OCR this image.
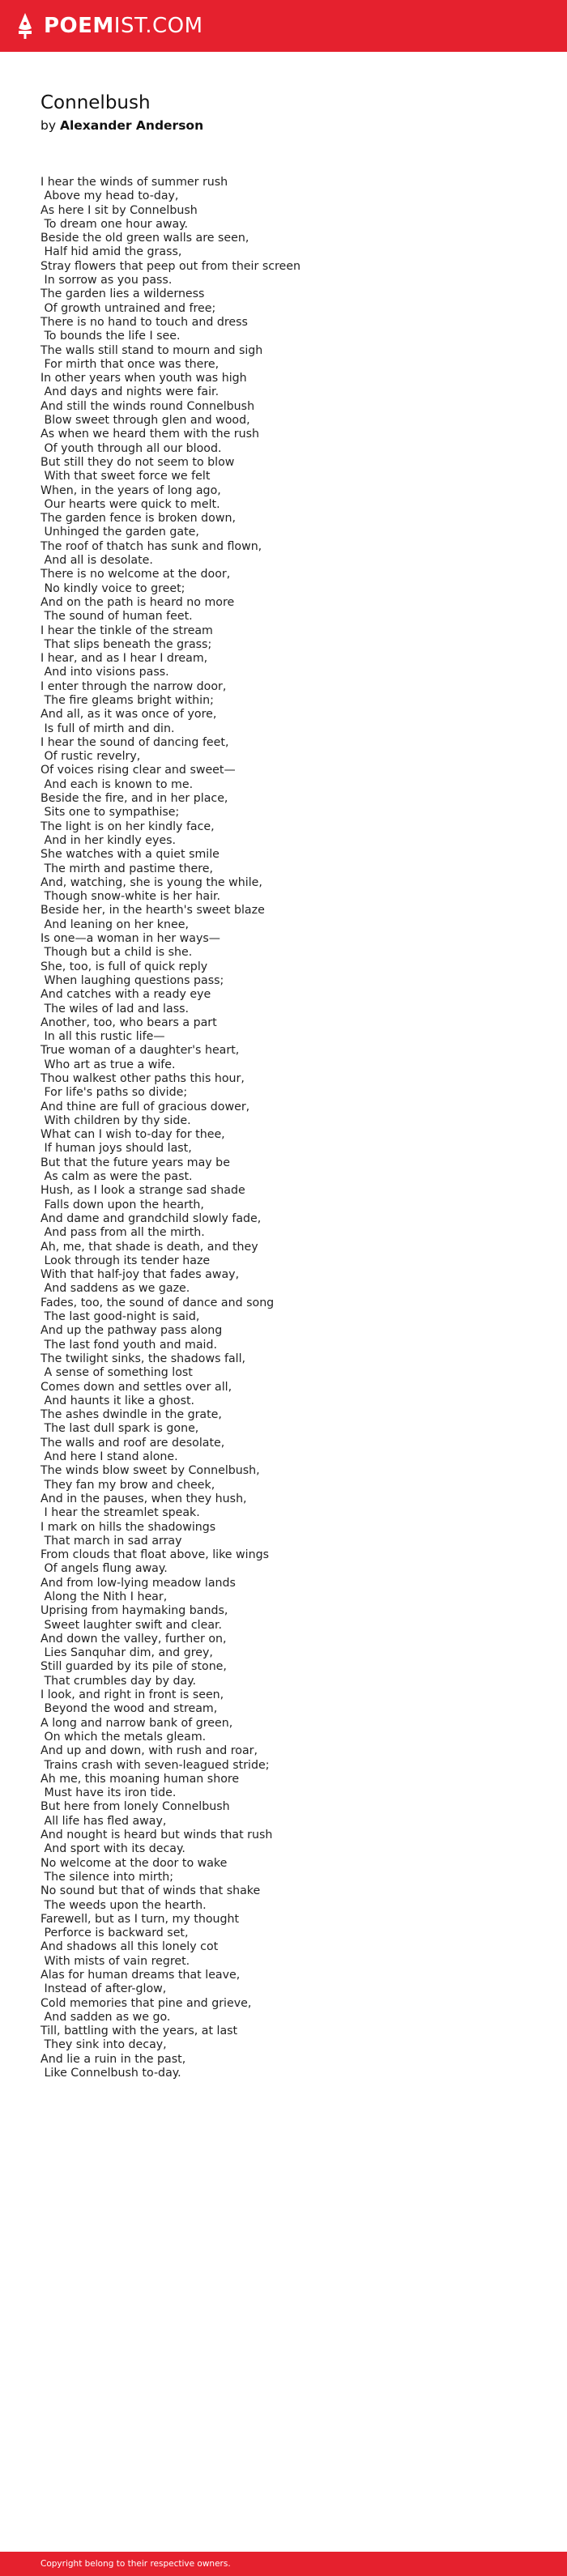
POEMIST.COM
Connelbush

by Alexander Anderson

I hear the winds of summer rush
Above my head to-day,
As here I sit by Connelbush
To dream one hour away.
Beside the old green walls are seen,
Half hid amid the grass,
Stray flowers that peep out from their screen
In sorrow as you pass.
The garden lies a wilderness
Of growth untrained and free;
There is no hand to touch and dress
To bounds the life I see.
The walls still stand to mourn and sigh
For mirth that once was there,
In other years when youth was high
And days and nights were fair.
And still the winds round Connelbush
Blow sweet through glen and wood,
As when we heard them with the rush
Of youth through all our blood.
But still they do not seem to blow
With that sweet force we felt
When, in the years of long ago,
Our hearts were quick to melt.
The garden fence is broken down,
Unhinged the garden gate,
The roof of thatch has sunk and flown,
And all is desolate.
There is no welcome at the door,
No kindly voice to greet;
And on the path is heard no more
The sound of human feet.
I hear the tinkle of the stream
That slips beneath the grass;
I hear, and as I hear I dream,
And into visions pass.
I enter through the narrow door,
The fire gleams bright within;
And all, as it was once of yore,
Is full of mirth and din.
I hear the sound of dancing feet,
Of rustic revelry,
Of voices rising clear and sweet—
And each is known to me.
Beside the fire, and in her place,
Sits one to sympathise;
The light is on her kindly face,
And in her kindly eyes.
She watches with a quiet smile
The mirth and pastime there,
And, watching, she is young the while,
Though snow-white is her hair.
Beside her, in the hearth's sweet blaze
And leaning on her knee,
Is one—a woman in her ways—
Though but a child is she.
She, too, is full of quick reply
When laughing questions pass;
And catches with a ready eye
The wiles of lad and lass.
Another, too, who bears a part
In all this rustic life—
True woman of a daughter's heart,
Who art as true a wife.
Thou walkest other paths this hour,
For life's paths so divide;
And thine are full of gracious dower,
With children by thy side.
What can I wish to-day for thee,
If human joys should last,
But that the future years may be
As calm as were the past.
Hush, as I look a strange sad shade
Falls down upon the hearth,
And dame and grandchild slowly fade,
And pass from all the mirth.
Ah, me, that shade is death, and they
Look through its tender haze
With that half-joy that fades away,
And saddens as we gaze.
Fades, too, the sound of dance and song
The last good-night is said,
And up the pathway pass along
The last fond youth and maid.
The twilight sinks, the shadows fall,
A sense of something lost
Comes down and settles over all,
And haunts it like a ghost.
The ashes dwindle in the grate,
The last dull spark is gone,
The walls and roof are desolate,
And here I stand alone.
The winds blow sweet by Connelbush,
They fan my brow and cheek,
And in the pauses, when they hush,
I hear the streamlet speak.
I mark on hills the shadowings
That march in sad array
From clouds that float above, like wings
Of angels flung away.
And from low-lying meadow lands
Along the Nith I hear,
Uprising from haymaking bands,
Sweet laughter swift and clear.
And down the valley, further on,
Lies Sanquhar dim, and grey,
Still guarded by its pile of stone,
That crumbles day by day.
I look, and right in front is seen,
Beyond the wood and stream,
A long and narrow bank of green,
On which the metals gleam.
And up and down, with rush and roar,
Trains crash with seven-leagued stride;
Ah me, this moaning human shore
Must have its iron tide.
But here from lonely Connelbush
All life has fled away,
And nought is heard but winds that rush
And sport with its decay.
No welcome at the door to wake
The silence into mirth;
No sound but that of winds that shake
The weeds upon the hearth.
Farewell, but as I turn, my thought
Perforce is backward set,
And shadows all this lonely cot
With mists of vain regret.
Alas for human dreams that leave,
Instead of after-glow,
Cold memories that pine and grieve,
And sadden as we go.
Till, battling with the years, at last
They sink into decay,
And lie a ruin in the past,
Like Connelbush to-day.
Copyright belong to their respective owners.
